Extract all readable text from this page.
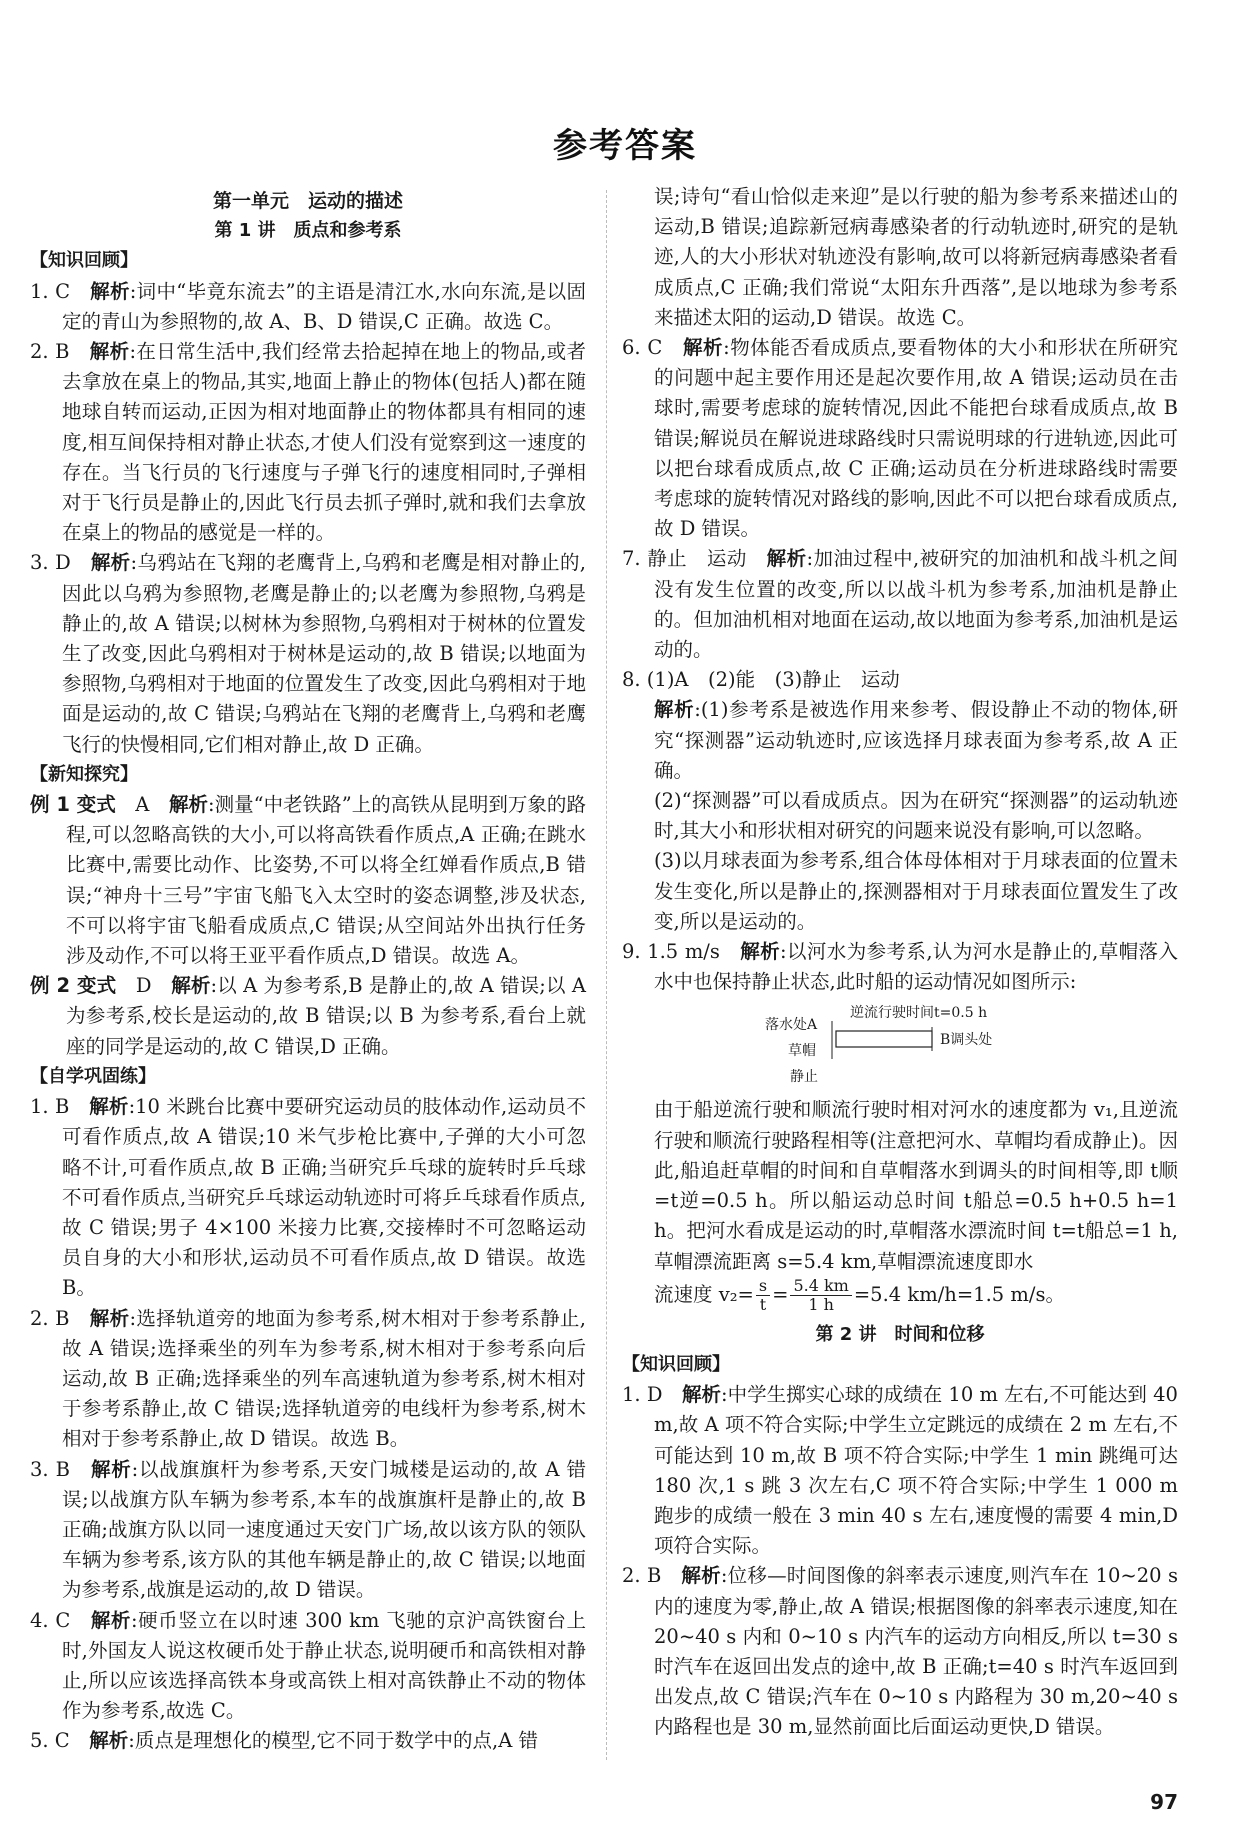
参考答案
第一单元　运动的描述
第 1 讲　质点和参考系
【知识回顾】
1. C　 解析:词中“毕竟东流去”的主语是清江水,水向东流,是以固定的青山为参照物的,故 A、B、D 错误,C 正确。故选 C。
2. B　 解析:在日常生活中,我们经常去拾起掉在地上的物品,或者去拿放在桌上的物品,其实,地面上静止的物体(包括人)都在随地球自转而运动,正因为相对地面静止的物体都具有相同的速度,相互间保持相对静止状态,才使人们没有觉察到这一速度的存在。当飞行员的飞行速度与子弹飞行的速度相同时,子弹相对于飞行员是静止的,因此飞行员去抓子弹时,就和我们去拿放在桌上的物品的感觉是一样的。
3. D　 解析:乌鸦站在飞翔的老鹰背上,乌鸦和老鹰是相对静止的,因此以乌鸦为参照物,老鹰是静止的;以老鹰为参照物,乌鸦是静止的,故 A 错误;以树林为参照物,乌鸦相对于树林的位置发生了改变,因此乌鸦相对于树林是运动的,故 B 错误;以地面为参照物,乌鸦相对于地面的位置发生了改变,因此乌鸦相对于地面是运动的,故 C 错误;乌鸦站在飞翔的老鹰背上,乌鸦和老鹰飞行的快慢相同,它们相对静止,故 D 正确。
【新知探究】
例 1 变式　 A　 解析:测量“中老铁路”上的高铁从昆明到万象的路程,可以忽略高铁的大小,可以将高铁看作质点,A 正确;在跳水比赛中,需要比动作、比姿势,不可以将全红婵看作质点,B 错误;“神舟十三号”宇宙飞船飞入太空时的姿态调整,涉及状态,不可以将宇宙飞船看成质点,C 错误;从空间站外出执行任务涉及动作,不可以将王亚平看作质点,D 错误。故选 A。
例 2 变式　 D　 解析:以 A 为参考系,B 是静止的,故 A 错误;以 A 为参考系,校长是运动的,故 B 错误;以 B 为参考系,看台上就座的同学是运动的,故 C 错误,D 正确。
【自学巩固练】
1. B　 解析:10 米跳台比赛中要研究运动员的肢体动作,运动员不可看作质点,故 A 错误;10 米气步枪比赛中,子弹的大小可忽略不计,可看作质点,故 B 正确;当研究乒乓球的旋转时乒乓球不可看作质点,当研究乒乓球运动轨迹时可将乒乓球看作质点,故 C 错误;男子 4×100 米接力比赛,交接棒时不可忽略运动员自身的大小和形状,运动员不可看作质点,故 D 错误。故选 B。
2. B　 解析:选择轨道旁的地面为参考系,树木相对于参考系静止,故 A 错误;选择乘坐的列车为参考系,树木相对于参考系向后运动,故 B 正确;选择乘坐的列车高速轨道为参考系,树木相对于参考系静止,故 C 错误;选择轨道旁的电线杆为参考系,树木相对于参考系静止,故 D 错误。故选 B。
3. B　 解析:以战旗旗杆为参考系,天安门城楼是运动的,故 A 错误;以战旗方队车辆为参考系,本车的战旗旗杆是静止的,故 B 正确;战旗方队以同一速度通过天安门广场,故以该方队的领队车辆为参考系,该方队的其他车辆是静止的,故 C 错误;以地面为参考系,战旗是运动的,故 D 错误。
4. C　 解析:硬币竖立在以时速 300 km 飞驰的京沪高铁窗台上时,外国友人说这枚硬币处于静止状态,说明硬币和高铁相对静止,所以应该选择高铁本身或高铁上相对高铁静止不动的物体作为参考系,故选 C。
5. C　 解析:质点是理想化的模型,它不同于数学中的点,A 错
误;诗句“看山恰似走来迎”是以行驶的船为参考系来描述山的运动,B 错误;追踪新冠病毒感染者的行动轨迹时,研究的是轨迹,人的大小形状对轨迹没有影响,故可以将新冠病毒感染者看成质点,C 正确;我们常说“太阳东升西落”,是以地球为参考系来描述太阳的运动,D 错误。故选 C。
6. C　 解析:物体能否看成质点,要看物体的大小和形状在所研究的问题中起主要作用还是起次要作用,故 A 错误;运动员在击球时,需要考虑球的旋转情况,因此不能把台球看成质点,故 B 错误;解说员在解说进球路线时只需说明球的行进轨迹,因此可以把台球看成质点,故 C 正确;运动员在分析进球路线时需要考虑球的旋转情况对路线的影响,因此不可以把台球看成质点,故 D 错误。
7. 静止　运动　 解析:加油过程中,被研究的加油机和战斗机之间没有发生位置的改变,所以以战斗机为参考系,加油机是静止的。但加油机相对地面在运动,故以地面为参考系,加油机是运动的。
8. (1)A　(2)能　(3)静止　运动
解析:(1)参考系是被选作用来参考、假设静止不动的物体,研究“探测器”运动轨迹时,应该选择月球表面为参考系,故 A 正确。
(2)“探测器”可以看成质点。因为在研究“探测器”的运动轨迹时,其大小和形状相对研究的问题来说没有影响,可以忽略。
(3)以月球表面为参考系,组合体母体相对于月球表面的位置未发生变化,所以是静止的,探测器相对于月球表面位置发生了改变,所以是运动的。
9. 1.5 m/s　 解析:以河水为参考系,认为河水是静止的,草帽落入水中也保持静止状态,此时船的运动情况如图所示:
落水处A
逆流行驶时间t=0.5 h
草帽
静止
B调头处
由于船逆流行驶和顺流行驶时相对河水的速度都为 v₁,且逆流行驶和顺流行驶路程相等(注意把河水、草帽均看成静止)。因此,船追赶草帽的时间和自草帽落水到调头的时间相等,即 t顺=t逆=0.5 h。所以船运动总时间 t船总=0.5 h+0.5 h=1 h。把河水看成是运动的时,草帽落水漂流时间 t=t船总=1 h,草帽漂流距离 s=5.4 km,草帽漂流速度即水
流速度 $v_2= \frac{s}{t} = \frac{5.4 km}{1 h} =5.4$ km/h=1.5 m/s。
第 2 讲　时间和位移
【知识回顾】
1. D　 解析:中学生掷实心球的成绩在 10 m 左右,不可能达到 40 m,故 A 项不符合实际;中学生立定跳远的成绩在 2 m 左右,不可能达到 10 m,故 B 项不符合实际;中学生 1 min 跳绳可达 180 次,1 s 跳 3 次左右,C 项不符合实际;中学生 1 000 m 跑步的成绩一般在 3 min 40 s 左右,速度慢的需要 4 min,D 项符合实际。
2. B　 解析:位移—时间图像的斜率表示速度,则汽车在 10~20 s 内的速度为零,静止,故 A 错误;根据图像的斜率表示速度,知在 20~40 s 内和 0~10 s 内汽车的运动方向相反,所以 t=30 s 时汽车在返回出发点的途中,故 B 正确;t=40 s 时汽车返回到出发点,故 C 错误;汽车在 0~10 s 内路程为 30 m,20~40 s 内路程也是 30 m,显然前面比后面运动更快,D 错误。
97
